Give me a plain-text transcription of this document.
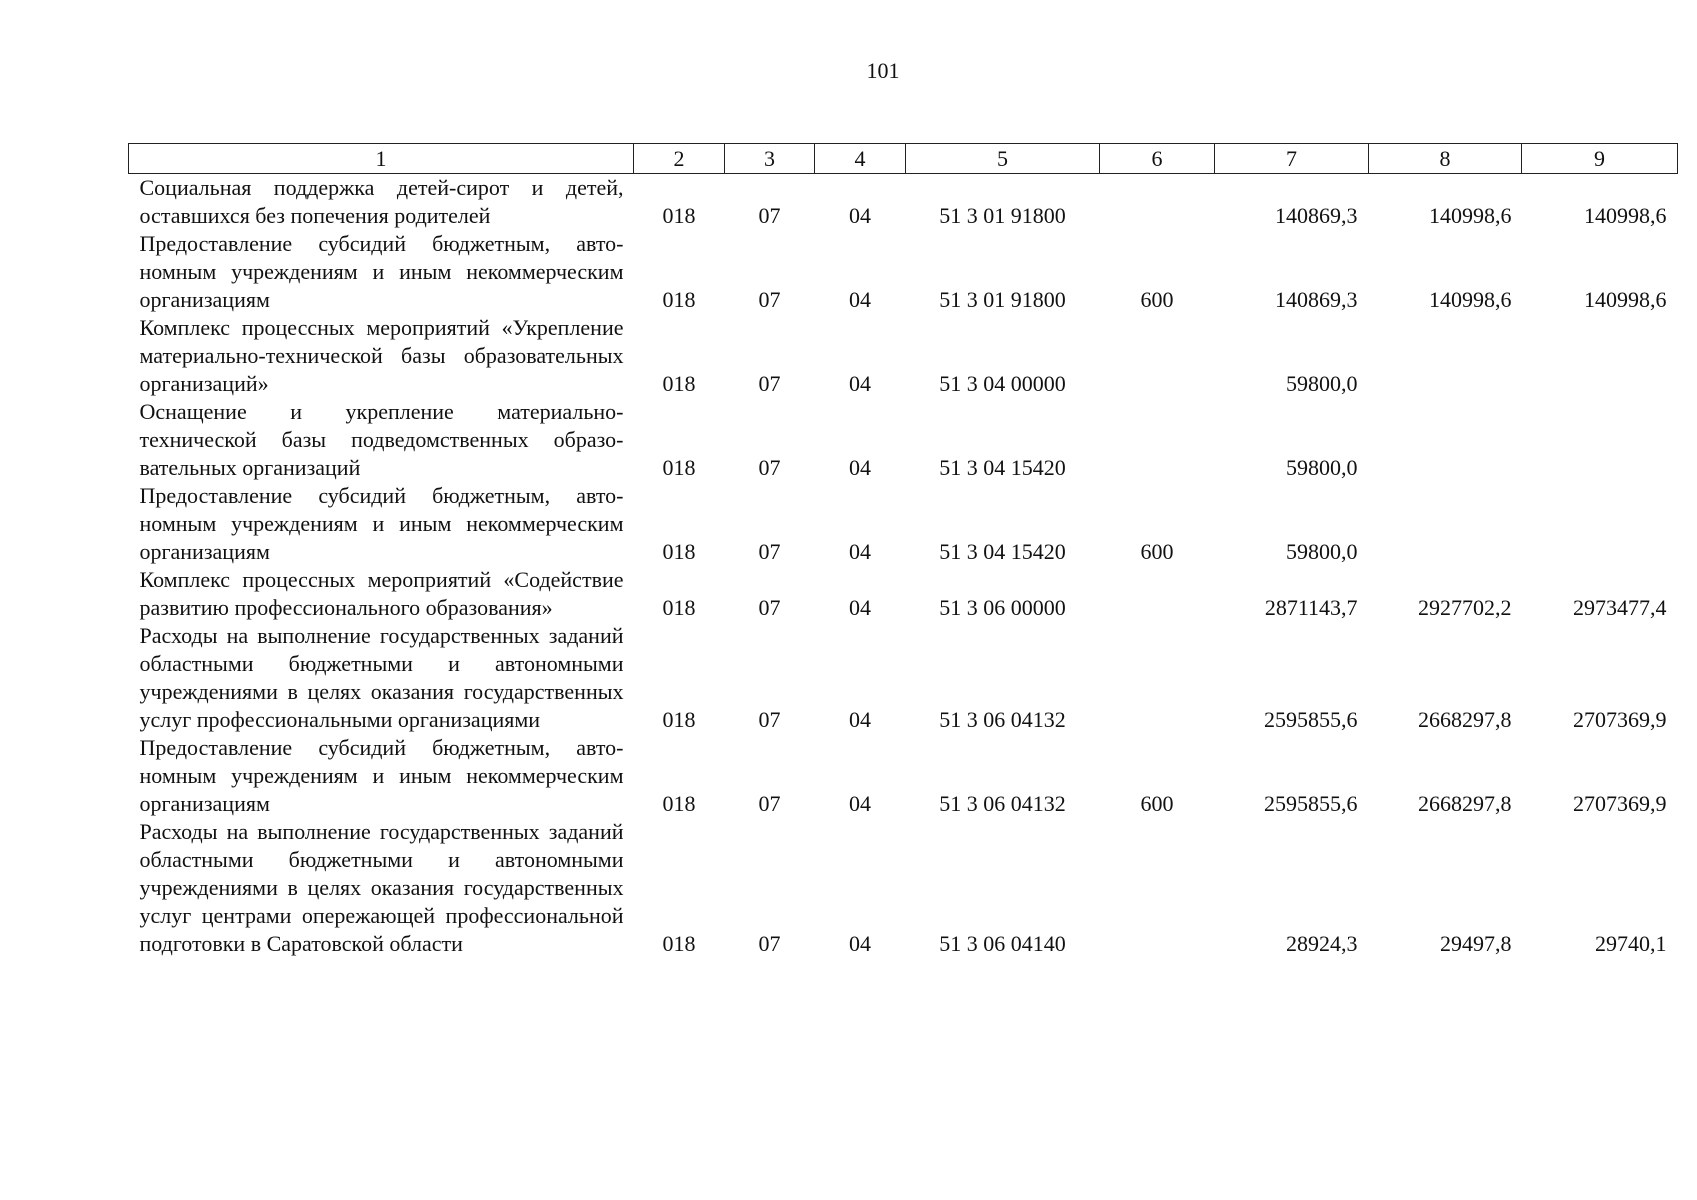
101
1	2	3	4	5	6	7	8	9
Социальная поддержка детей-сирот и детей, оставшихся без попечения родителей	018	07	04	51 3 01 91800		140869,3	140998,6	140998,6
Предоставление субсидий бюджетным, автономным учреждениям и иным некоммерческим организациям	018	07	04	51 3 01 91800	600	140869,3	140998,6	140998,6
Комплекс процессных мероприятий «Укрепление материально-технической базы образовательных организаций»	018	07	04	51 3 04 00000		59800,0		
Оснащение и укрепление материально-технической базы подведомственных образовательных организаций	018	07	04	51 3 04 15420		59800,0		
Предоставление субсидий бюджетным, автономным учреждениям и иным некоммерческим организациям	018	07	04	51 3 04 15420	600	59800,0		
Комплекс процессных мероприятий «Содействие развитию профессионального образования»	018	07	04	51 3 06 00000		2871143,7	2927702,2	2973477,4
Расходы на выполнение государственных заданий областными бюджетными и автономными учреждениями в целях оказания государственных услуг профессиональными организациями	018	07	04	51 3 06 04132		2595855,6	2668297,8	2707369,9
Предоставление субсидий бюджетным, автономным учреждениям и иным некоммерческим организациям	018	07	04	51 3 06 04132	600	2595855,6	2668297,8	2707369,9
Расходы на выполнение государственных заданий областными бюджетными и автономными учреждениями в целях оказания государственных услуг центрами опережающей профессиональной подготовки в Саратовской области	018	07	04	51 3 06 04140		28924,3	29497,8	29740,1
